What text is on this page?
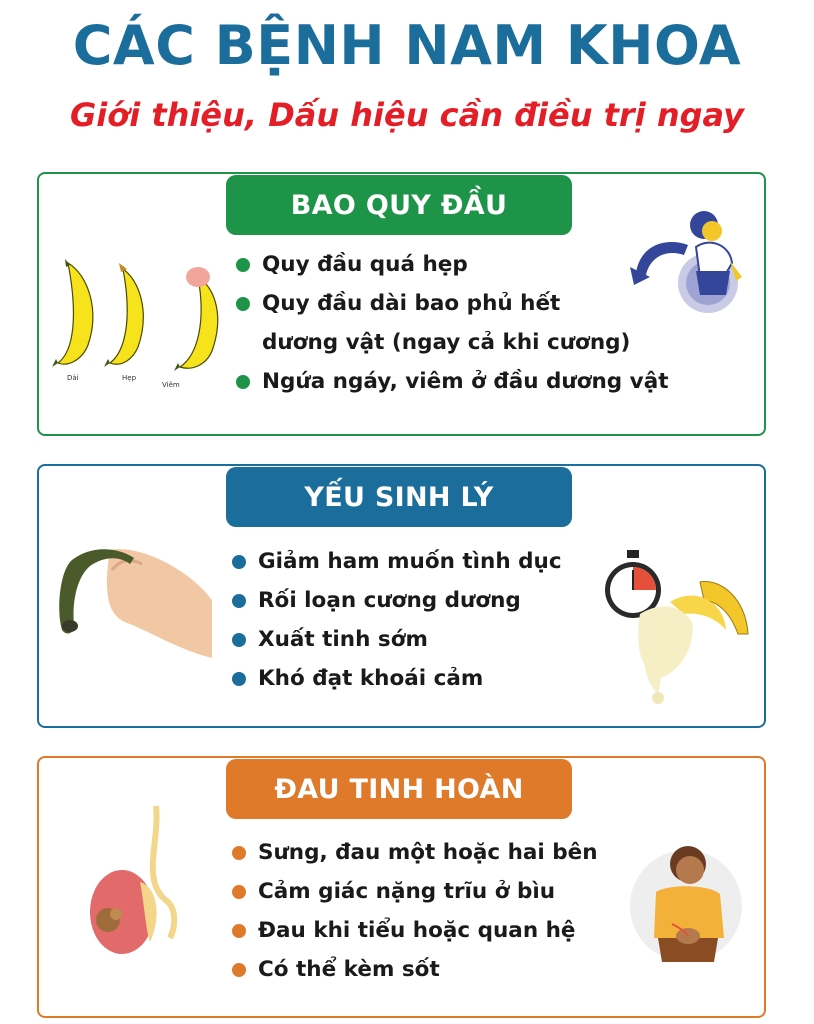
CÁC BỆNH NAM KHOA
Giới thiệu, Dấu hiệu cần điều trị ngay
BAO QUY ĐẦU
Dài	Hẹp
Viêm
Quy đầu quá hẹp
Quy đầu dài bao phủ hết
dương vật (ngay cả khi cương)
Ngứa ngáy, viêm ở đầu dương vật
YẾU SINH LÝ
Giảm ham muốn tình dục
Rối loạn cương dương
Xuất tinh sớm
Khó đạt khoái cảm
ĐAU TINH HOÀN
Sưng, đau một hoặc hai bên
Cảm giác nặng trĩu ở bìu
Đau khi tiểu hoặc quan hệ
Có thể kèm sốt
